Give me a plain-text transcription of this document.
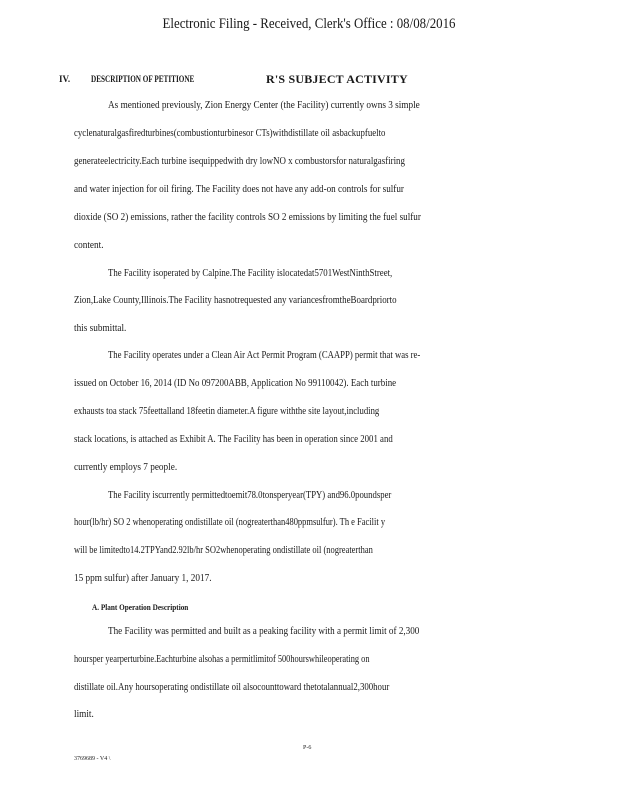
Electronic Filing - Received, Clerk's Office : 08/08/2016
IV. DESCRIPTION OF PETITIONE	R'S SUBJECT ACTIVITY
As mentioned previously, Zion Energy Center (the Facility) currently owns 3 simple
cyclenaturalgasfiredturbines(combustionturbinesor CTs)withdistillate oil asbackupfuelto
generateelectricity.Each turbine isequippedwith dry lowNO x combustorsfor naturalgasfiring
and water injection for oil firing. The Facility does not have any add-on controls for sulfur
dioxide (SO 2) emissions, rather the facility controls SO 2 emissions by limiting the fuel sulfur
content.
The Facility isoperated by Calpine.The Facility islocatedat5701WestNinthStreet,
Zion,Lake County,Illinois.The Facility hasnotrequested any variancesfromtheBoardpriorto
this submittal.
The Facility operates under a Clean Air Act Permit Program (CAAPP) permit that was re-
issued on October 16, 2014 (ID No 097200ABB, Application No 99110042). Each turbine
exhausts toa stack 75feettalland 18feetin diameter.A figure withthe site layout,including
stack locations, is attached as Exhibit A. The Facility has been in operation since 2001 and
currently employs 7 people.
The Facility iscurrently permittedtoemit78.0tonsperyear(TPY) and96.0poundsper
hour(lb/hr) SO 2 whenoperating ondistillate oil (nogreaterthan480ppmsulfur). Th e Facilit y
will be limitedto14.2TPYand2.92lb/hr SO2whenoperating ondistillate oil (nogreaterthan
15 ppm sulfur) after January 1, 2017.
A. Plant Operation Description
The Facility was permitted and built as a peaking facility with a permit limit of 2,300
hoursper yearperturbine.Eachturbine alsohas a permitlimitof 500hourswhileoperating on
distillate oil.Any hoursoperating ondistillate oil alsocounttoward thetotalannual2,300hour
limit.
P-6
3769689 - V4 \
